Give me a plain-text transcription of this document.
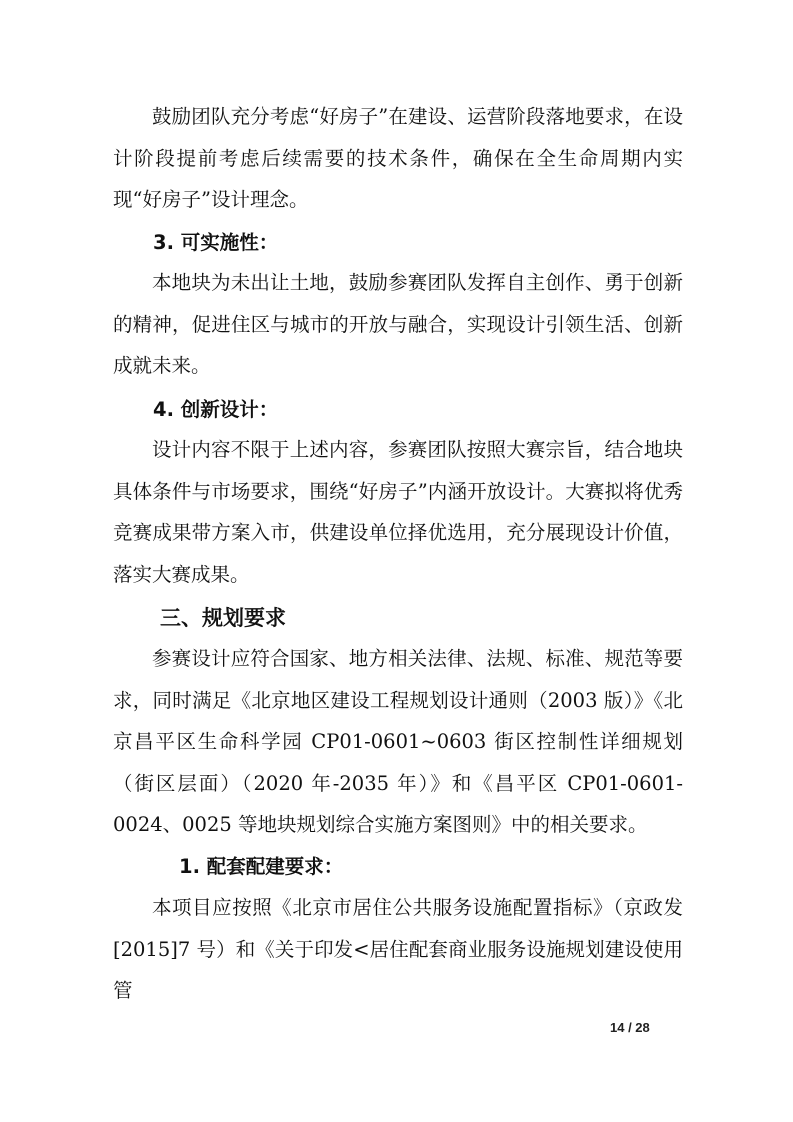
鼓励团队充分考虑“好房子”在建设、运营阶段落地要求，在设计阶段提前考虑后续需要的技术条件，确保在全生命周期内实现“好房子”设计理念。

3. 可实施性：

本地块为未出让土地，鼓励参赛团队发挥自主创作、勇于创新的精神，促进住区与城市的开放与融合，实现设计引领生活、创新成就未来。

4. 创新设计：

设计内容不限于上述内容，参赛团队按照大赛宗旨，结合地块具体条件与市场要求，围绕“好房子”内涵开放设计。大赛拟将优秀竞赛成果带方案入市，供建设单位择优选用，充分展现设计价值，落实大赛成果。

三、规划要求

参赛设计应符合国家、地方相关法律、法规、标准、规范等要求，同时满足《北京地区建设工程规划设计通则（2003 版）》《北京昌平区生命科学园 CP01-0601~0603 街区控制性详细规划（街区层面）（2020 年-2035 年）》和《昌平区 CP01-0601-0024、0025 等地块规划综合实施方案图则》中的相关要求。

1. 配套配建要求：

本项目应按照《北京市居住公共服务设施配置指标》（京政发[2015]7 号）和《关于印发<居住配套商业服务设施规划建设使用管

14 / 28
